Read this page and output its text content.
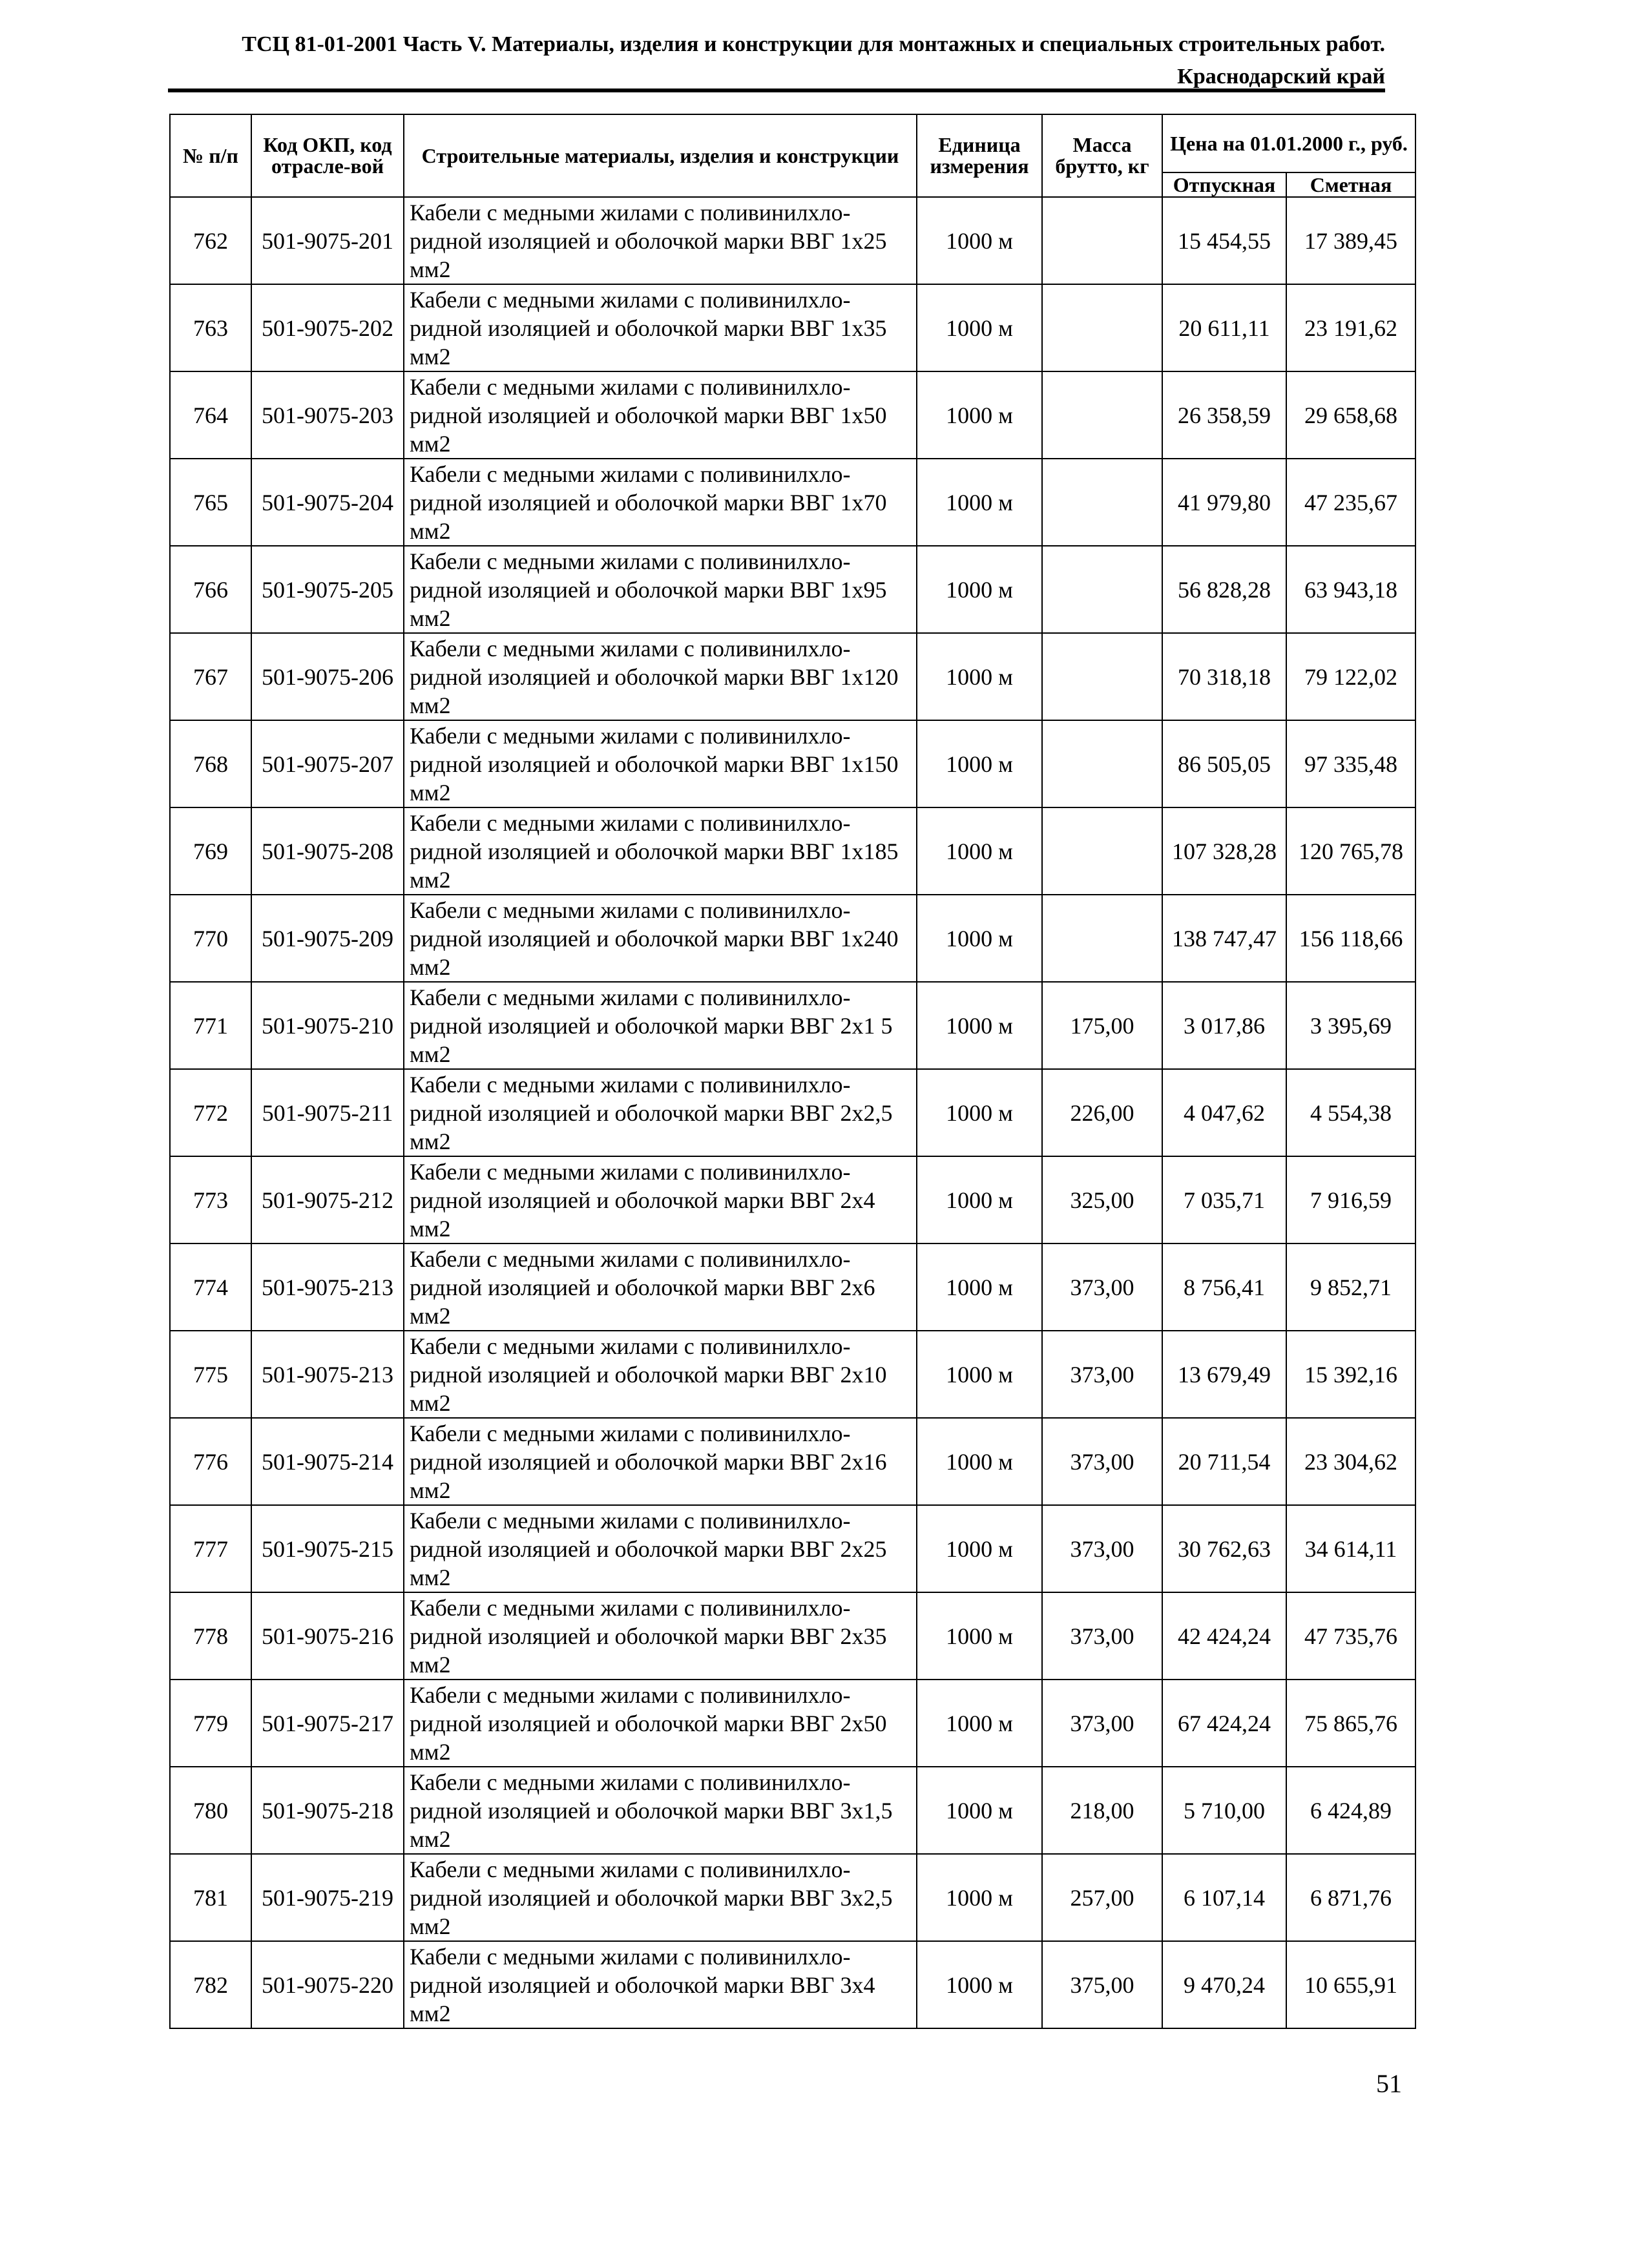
ТСЦ 81-01-2001 Часть V. Материалы, изделия и конструкции для монтажных и специальных строительных работ.
Краснодарский край
№ п/п	Код ОКП, код отрасле-вой	Строительные материалы, изделия и конструкции	Единица измерения	Масса брутто, кг	Цена на 01.01.2000 г., руб.	
					Отпускная	Сметная
762	501-9075-201	Кабели с медными жилами с поливинилхло-ридной изоляцией и оболочкой марки ВВГ 1х25 мм2	1000 м		15 454,55	17 389,45
763	501-9075-202	Кабели с медными жилами с поливинилхло-ридной изоляцией и оболочкой марки ВВГ 1х35 мм2	1000 м		20 611,11	23 191,62
764	501-9075-203	Кабели с медными жилами с поливинилхло-ридной изоляцией и оболочкой марки ВВГ 1х50 мм2	1000 м		26 358,59	29 658,68
765	501-9075-204	Кабели с медными жилами с поливинилхло-ридной изоляцией и оболочкой марки ВВГ 1х70 мм2	1000 м		41 979,80	47 235,67
766	501-9075-205	Кабели с медными жилами с поливинилхло-ридной изоляцией и оболочкой марки ВВГ 1х95 мм2	1000 м		56 828,28	63 943,18
767	501-9075-206	Кабели с медными жилами с поливинилхло-ридной изоляцией и оболочкой марки ВВГ 1х120 мм2	1000 м		70 318,18	79 122,02
768	501-9075-207	Кабели с медными жилами с поливинилхло-ридной изоляцией и оболочкой марки ВВГ 1х150 мм2	1000 м		86 505,05	97 335,48
769	501-9075-208	Кабели с медными жилами с поливинилхло-ридной изоляцией и оболочкой марки ВВГ 1х185 мм2	1000 м		107 328,28	120 765,78
770	501-9075-209	Кабели с медными жилами с поливинилхло-ридной изоляцией и оболочкой марки ВВГ 1х240 мм2	1000 м		138 747,47	156 118,66
771	501-9075-210	Кабели с медными жилами с поливинилхло-ридной изоляцией и оболочкой марки ВВГ 2х1 5 мм2	1000 м	175,00	3 017,86	3 395,69
772	501-9075-211	Кабели с медными жилами с поливинилхло-ридной изоляцией и оболочкой марки ВВГ 2х2,5 мм2	1000 м	226,00	4 047,62	4 554,38
773	501-9075-212	Кабели с медными жилами с поливинилхло-ридной изоляцией и оболочкой марки ВВГ 2х4 мм2	1000 м	325,00	7 035,71	7 916,59
774	501-9075-213	Кабели с медными жилами с поливинилхло-ридной изоляцией и оболочкой марки ВВГ 2х6 мм2	1000 м	373,00	8 756,41	9 852,71
775	501-9075-213	Кабели с медными жилами с поливинилхло-ридной изоляцией и оболочкой марки ВВГ 2х10 мм2	1000 м	373,00	13 679,49	15 392,16
776	501-9075-214	Кабели с медными жилами с поливинилхло-ридной изоляцией и оболочкой марки ВВГ 2х16 мм2	1000 м	373,00	20 711,54	23 304,62
777	501-9075-215	Кабели с медными жилами с поливинилхло-ридной изоляцией и оболочкой марки ВВГ 2х25 мм2	1000 м	373,00	30 762,63	34 614,11
778	501-9075-216	Кабели с медными жилами с поливинилхло-ридной изоляцией и оболочкой марки ВВГ 2х35 мм2	1000 м	373,00	42 424,24	47 735,76
779	501-9075-217	Кабели с медными жилами с поливинилхло-ридной изоляцией и оболочкой марки ВВГ 2х50 мм2	1000 м	373,00	67 424,24	75 865,76
780	501-9075-218	Кабели с медными жилами с поливинилхло-ридной изоляцией и оболочкой марки ВВГ 3х1,5 мм2	1000 м	218,00	5 710,00	6 424,89
781	501-9075-219	Кабели с медными жилами с поливинилхло-ридной изоляцией и оболочкой марки ВВГ 3х2,5 мм2	1000 м	257,00	6 107,14	6 871,76
782	501-9075-220	Кабели с медными жилами с поливинилхло-ридной изоляцией и оболочкой марки ВВГ 3х4 мм2	1000 м	375,00	9 470,24	10 655,91
51
